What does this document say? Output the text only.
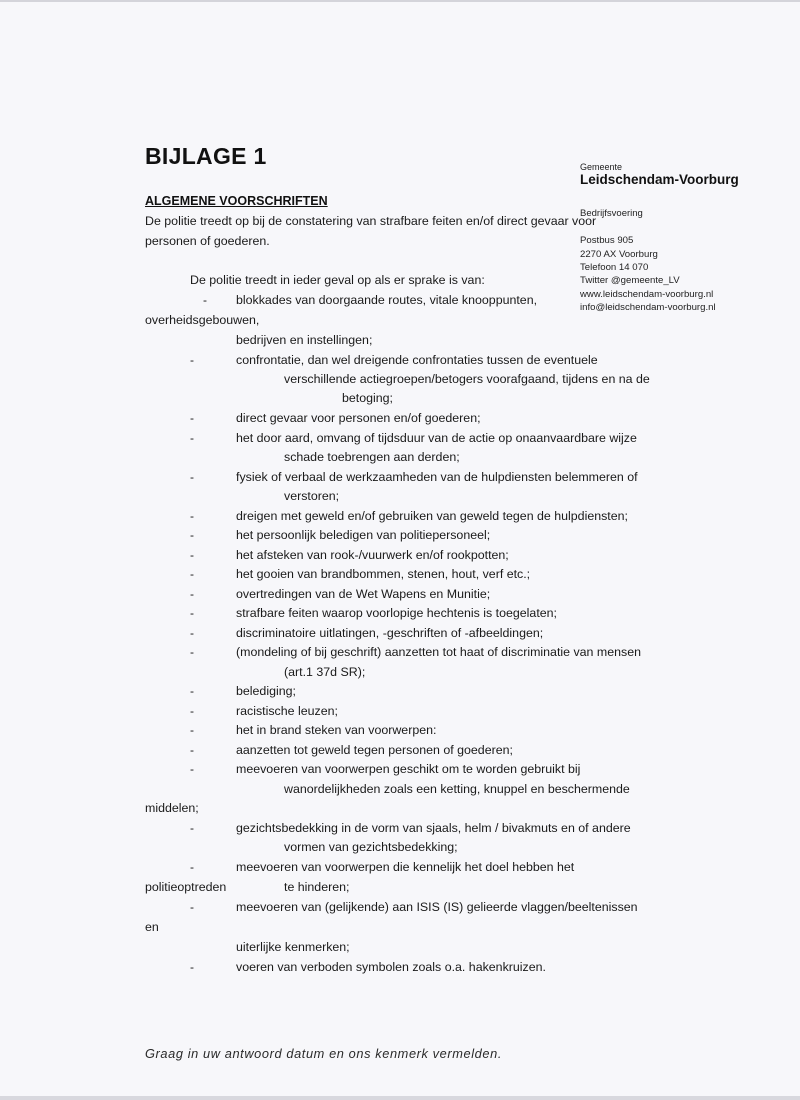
Gemeente
Leidschendam-Voorburg
Bedrijfsvoering
Postbus 905
2270 AX Voorburg
Telefoon 14 070
Twitter @gemeente_LV
www.leidschendam-voorburg.nl
info@leidschendam-voorburg.nl
BIJLAGE 1
ALGEMENE VOORSCHRIFTEN
De politie treedt op bij de constatering van strafbare feiten en/of direct gevaar voor
personen of goederen.
De politie treedt in ieder geval op als er sprake is van:
-
-
-
-
-
-
-
-
-
-
-
-
-
-
-
-
-
-
-
-
-
-
blokkades van doorgaande routes, vitale knooppunten,
overheidsgebouwen,
bedrijven en instellingen;
confrontatie, dan wel dreigende confrontaties tussen de eventuele
verschillende actiegroepen/betogers voorafgaand, tijdens en na de
betoging;
direct gevaar voor personen en/of goederen;
het door aard, omvang of tijdsduur van de actie op onaanvaardbare wijze
schade toebrengen aan derden;
fysiek of verbaal de werkzaamheden van de hulpdiensten belemmeren of
verstoren;
dreigen met geweld en/of gebruiken van geweld tegen de hulpdiensten;
het persoonlijk beledigen van politiepersoneel;
het afsteken van rook-/vuurwerk en/of rookpotten;
het gooien van brandbommen, stenen, hout, verf etc.;
overtredingen van de Wet Wapens en Munitie;
strafbare feiten waarop voorlopige hechtenis is toegelaten;
discriminatoire uitlatingen, -geschriften of -afbeeldingen;
(mondeling of bij geschrift) aanzetten tot haat of discriminatie van mensen
(art.1 37d SR);
belediging;
racistische leuzen;
het in brand steken van voorwerpen:
aanzetten tot geweld tegen personen of goederen;
meevoeren van voorwerpen geschikt om te worden gebruikt bij
wanordelijkheden zoals een ketting, knuppel en beschermende
middelen;
gezichtsbedekking in de vorm van sjaals, helm / bivakmuts en of andere
vormen van gezichtsbedekking;
meevoeren van voorwerpen die kennelijk het doel hebben het
politieoptreden	te hinderen;
meevoeren van (gelijkende) aan ISIS (IS) gelieerde vlaggen/beeltenissen
en
uiterlijke kenmerken;
voeren van verboden symbolen zoals o.a. hakenkruizen.
Graag in uw antwoord datum en ons kenmerk vermelden.
